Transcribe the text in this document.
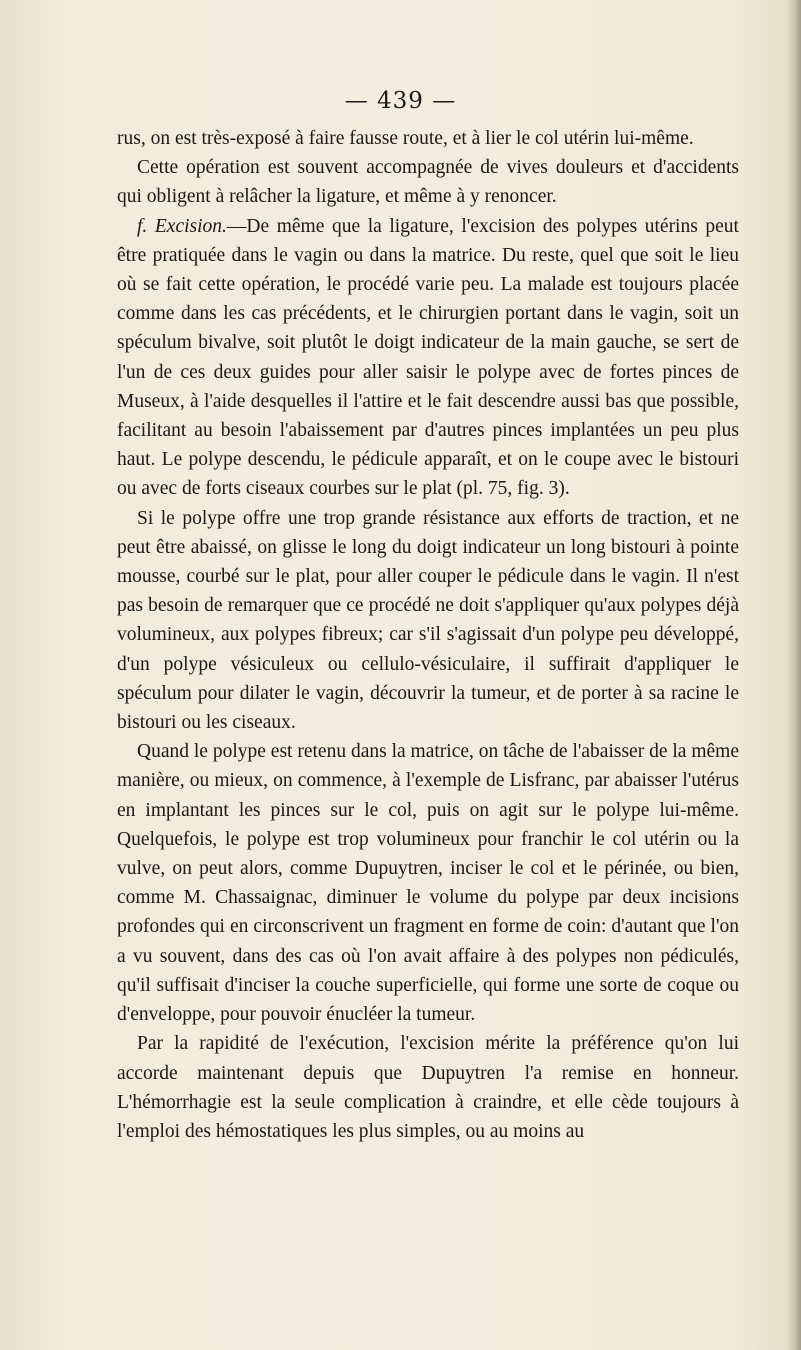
— 439 —

rus, on est très-exposé à faire fausse route, et à lier le col utérin lui-même.

Cette opération est souvent accompagnée de vives douleurs et d'accidents qui obligent à relâcher la ligature, et même à y renoncer.

f. Excision.—De même que la ligature, l'excision des polypes utérins peut être pratiquée dans le vagin ou dans la matrice. Du reste, quel que soit le lieu où se fait cette opération, le procédé varie peu. La malade est toujours placée comme dans les cas précédents, et le chirurgien portant dans le vagin, soit un spéculum bivalve, soit plutôt le doigt indicateur de la main gauche, se sert de l'un de ces deux guides pour aller saisir le polype avec de fortes pinces de Museux, à l'aide desquelles il l'attire et le fait descendre aussi bas que possible, facilitant au besoin l'abaissement par d'autres pinces implantées un peu plus haut. Le polype descendu, le pédicule apparaît, et on le coupe avec le bistouri ou avec de forts ciseaux courbes sur le plat (pl. 75, fig. 3).

Si le polype offre une trop grande résistance aux efforts de traction, et ne peut être abaissé, on glisse le long du doigt indicateur un long bistouri à pointe mousse, courbé sur le plat, pour aller couper le pédicule dans le vagin. Il n'est pas besoin de remarquer que ce procédé ne doit s'appliquer qu'aux polypes déjà volumineux, aux polypes fibreux; car s'il s'agissait d'un polype peu développé, d'un polype vésiculeux ou cellulo-vésiculaire, il suffirait d'appliquer le spéculum pour dilater le vagin, découvrir la tumeur, et de porter à sa racine le bistouri ou les ciseaux.

Quand le polype est retenu dans la matrice, on tâche de l'abaisser de la même manière, ou mieux, on commence, à l'exemple de Lisfranc, par abaisser l'utérus en implantant les pinces sur le col, puis on agit sur le polype lui-même. Quelquefois, le polype est trop volumineux pour franchir le col utérin ou la vulve, on peut alors, comme Dupuytren, inciser le col et le périnée, ou bien, comme M. Chassaignac, diminuer le volume du polype par deux incisions profondes qui en circonscrivent un fragment en forme de coin: d'autant que l'on a vu souvent, dans des cas où l'on avait affaire à des polypes non pédiculés, qu'il suffisait d'inciser la couche superficielle, qui forme une sorte de coque ou d'enveloppe, pour pouvoir énucléer la tumeur.

Par la rapidité de l'exécution, l'excision mérite la préférence qu'on lui accorde maintenant depuis que Dupuytren l'a remise en honneur. L'hémorrhagie est la seule complication à craindre, et elle cède toujours à l'emploi des hémostatiques les plus simples, ou au moins au
